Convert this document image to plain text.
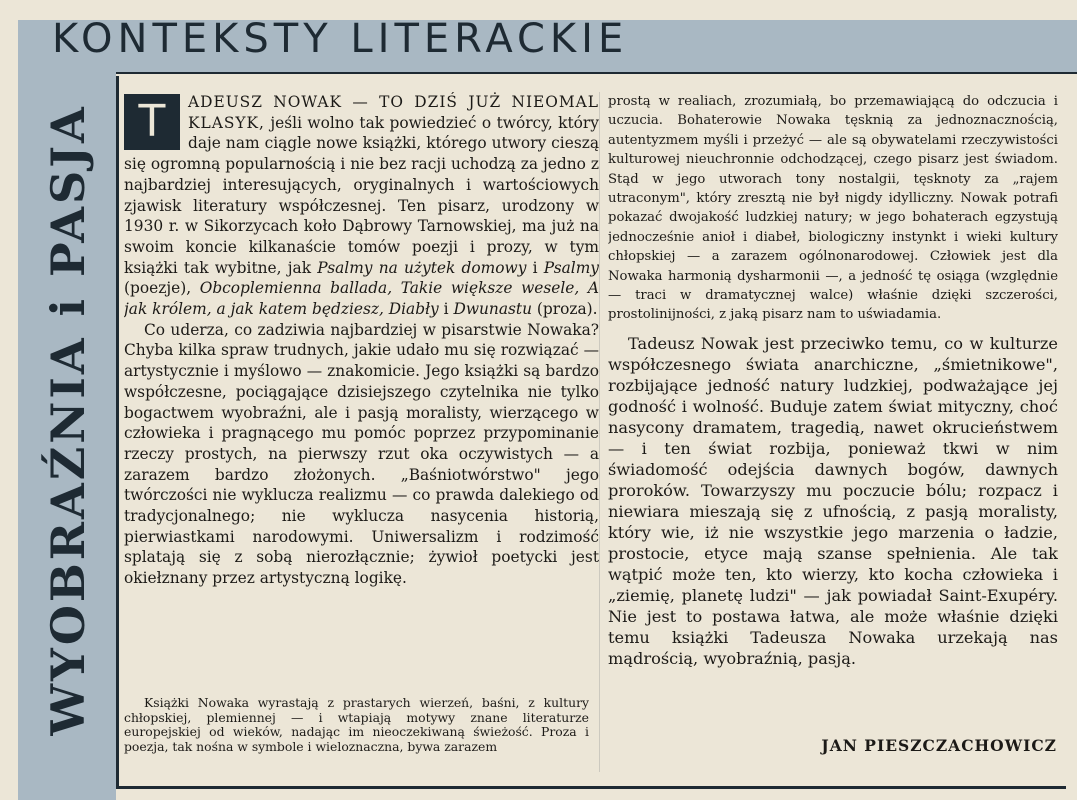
KONTEKSTY LITERACKIE
WYOBRAŹNIA i PASJA T	ADEUSZ NOWAK — TO DZIŚ JUŻ NIEOMAL KLASYK, jeśli wolno tak powiedzieć o twórcy, który daje nam ciągle nowe książki, którego utwory cieszą się ogromną popularnością i nie bez racji uchodzą za jedno z najbardziej interesujących, oryginalnych i wartościowych zjawisk literatury współczesnej. Ten pisarz, urodzony w 1930 r. w Sikorzycach koło Dąbrowy Tarnowskiej, ma już na swoim koncie kilkanaście tomów poezji i prozy, w tym książki tak wybitne, jak Psalmy na użytek domowy i Psalmy (poezje), Obcoplemienna ballada, Takie większe wesele, A jak królem, a jak katem będziesz, Diabły i Dwunastu (proza).

Co uderza, co zadziwia najbardziej w pisarstwie Nowaka? Chyba kilka spraw trudnych, jakie udało mu się rozwiązać — artystycznie i myślowo — znakomicie. Jego książki są bardzo współczesne, pociągające dzisiejszego czytelnika nie tylko bogactwem wyobraźni, ale i pasją moralisty, wierzącego w człowieka i pragnącego mu pomóc poprzez przypominanie rzeczy prostych, na pierwszy rzut oka oczywistych — a zarazem bardzo złożonych. „Baśniotwórstwo" jego twórczości nie wyklucza realizmu — co prawda dalekiego od tradycjonalnego; nie wyklucza nasycenia historią, pierwiastkami narodowymi. Uniwersalizm i rodzimość splatają się z sobą nierozłącznie; żywioł poetycki jest okiełznany przez artystyczną logikę.

Książki Nowaka wyrastają z prastarych wierzeń, baśni, z kultury chłopskiej, plemiennej — i wtapiają motywy znane literaturze europejskiej od wieków, nadając im nieoczekiwaną świeżość. Proza i poezja, tak nośna w symbole i wieloznaczna, bywa zarazem

prostą w realiach, zrozumiałą, bo przemawiającą do odczucia i uczucia. Bohaterowie Nowaka tęsknią za jednoznacznością, autentyzmem myśli i przeżyć — ale są obywatelami rzeczywistości kulturowej nieuchronnie odchodzącej, czego pisarz jest świadom. Stąd w jego utworach tony nostalgii, tęsknoty za „rajem utraconym", który zresztą nie był nigdy idylliczny. Nowak potrafi pokazać dwojakość ludzkiej natury; w jego bohaterach egzystują jednocześnie anioł i diabeł, biologiczny instynkt i wieki kultury chłopskiej — a zarazem ogólnonarodowej. Człowiek jest dla Nowaka harmonią dysharmonii —, a jedność tę osiąga (względnie — traci w dramatycznej walce) właśnie dzięki szczerości, prostolinijności, z jaką pisarz nam to uświadamia.

Tadeusz Nowak jest przeciwko temu, co w kulturze współczesnego świata anarchiczne, „śmietnikowe", rozbijające jedność natury ludzkiej, podważające jej godność i wolność. Buduje zatem świat mityczny, choć nasycony dramatem, tragedią, nawet okrucieństwem — i ten świat rozbija, ponieważ tkwi w nim świadomość odejścia dawnych bogów, dawnych proroków. Towarzyszy mu poczucie bólu; rozpacz i niewiara mieszają się z ufnością, z pasją moralisty, który wie, iż nie wszystkie jego marzenia o ładzie, prostocie, etyce mają szanse spełnienia. Ale tak wątpić może ten, kto wierzy, kto kocha człowieka i „ziemię, planetę ludzi" — jak powiadał Saint-Exupéry. Nie jest to postawa łatwa, ale może właśnie dzięki temu książki Tadeusza Nowaka urzekają nas mądrością, wyobraźnią, pasją.

JAN PIESZCZACHOWICZ
